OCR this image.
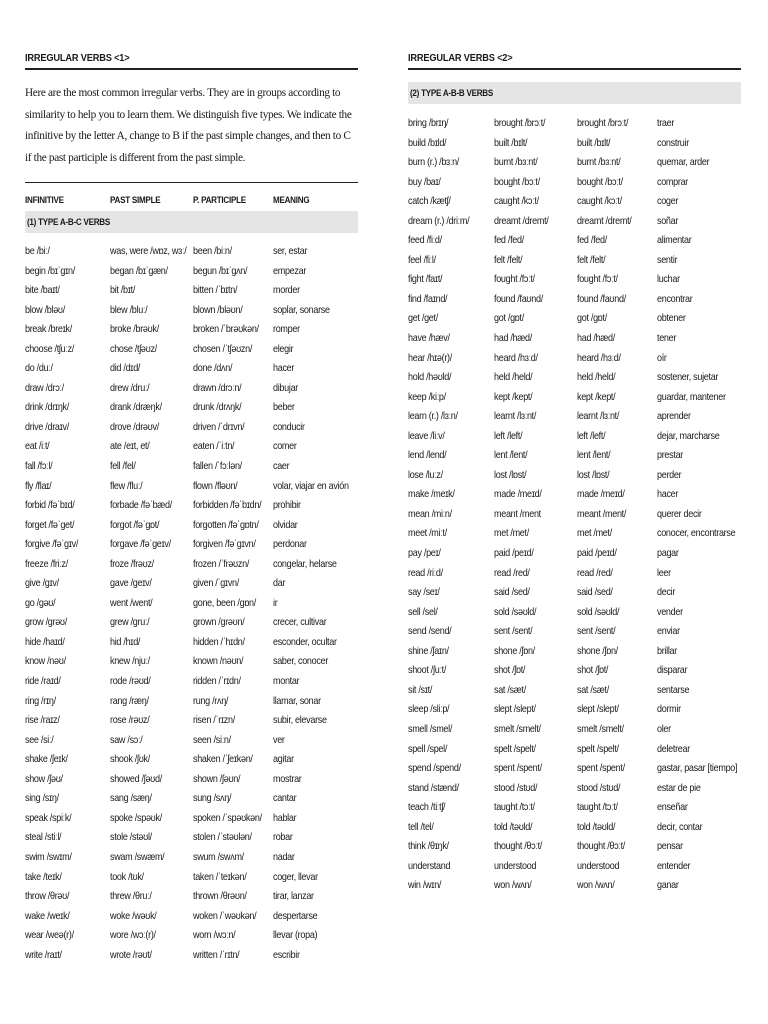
IRREGULAR VERBS <1>

Here are the most common irregular verbs. They are in groups according to similarity to help you to learn them. We distinguish five types. We indicate the infinitive by the letter A, change to B if the past simple changes, and then to C if the past participle is different from the past simple.

INFINITIVE	PAST SIMPLE	P. PARTICIPLE	MEANING
(1) TYPE A-B-C VERBS
be /biː/	was, were /wɒz, wɜː/ been /biːn/	ser, estar
begin /bɪˈgɪn/	began /bɪˈgæn/ begun /bɪˈgʌn/ empezar
bite /baɪt/	bit /bɪt/	bitten /ˈbɪtn/	morder
blow /bləʊ/	blew /bluː/	blown /bləʊn/	soplar, sonarse
break /breɪk/	broke /brəʊk/	broken /ˈbrəʊkən/ romper
choose /tʃuːz/	chose /tʃəʊz/	chosen /ˈtʃəʊzn/ elegir
do /duː/	did /dɪd/	done /dʌn/	hacer
draw /drɔː/	drew /druː/	drawn /drɔːn/	dibujar
drink /drɪŋk/	drank /dræŋk/	drunk /drʌŋk/	beber
drive /draɪv/	drove /drəʊv/	driven /ˈdrɪvn/	conducir
eat /iːt/	ate /eɪt, et/	eaten /ˈiːtn/	comer
fall /fɔːl/	fell /fel/	fallen /ˈfɔːlən/	caer
fly /flaɪ/	flew /fluː/	flown /fləʊn/	volar, viajar en avión
forbid /fəˈbɪd/	forbade /fəˈbæd/ forbidden /fəˈbɪdn/ prohibir
forget /fəˈget/	forgot /fəˈgɒt/	forgotten /fəˈgɒtn/ olvidar
forgive /fəˈgɪv/	forgave /fəˈgeɪv/ forgiven /fəˈgɪvn/ perdonar
freeze /friːz/	froze /frəʊz/	frozen /ˈfrəʊzn/ congelar, helarse
give /gɪv/	gave /geɪv/	given /ˈgɪvn/	dar
go /gəʊ/	went /went/	gone, been /gɒn/ ir
grow /grəʊ/	grew /gruː/	grown /grəʊn/	crecer, cultivar
hide /haɪd/	hid /hɪd/	hidden /ˈhɪdn/	esconder, ocultar
know /nəʊ/	knew /njuː/	known /nəʊn/	saber, conocer
ride /raɪd/	rode /rəʊd/	ridden /ˈrɪdn/	montar
ring /rɪŋ/	rang /ræŋ/	rung /rʌŋ/	llamar, sonar
rise /raɪz/	rose /rəʊz/	risen /ˈrɪzn/	subir, elevarse
see /siː/	saw /sɔː/	seen /siːn/	ver
shake /ʃeɪk/	shook /ʃʊk/	shaken /ˈʃeɪkən/ agitar
show /ʃəʊ/	showed /ʃəʊd/	shown /ʃəʊn/	mostrar
sing /sɪŋ/	sang /sæŋ/	sung /sʌŋ/	cantar
speak /spiːk/	spoke /spəʊk/	spoken /ˈspəʊkən/ hablar
steal /stiːl/	stole /stəʊl/	stolen /ˈstəʊlən/ robar
swim /swɪm/	swam /swæm/	swum /swʌm/	nadar
take /teɪk/	took /tʊk/	taken /ˈteɪkən/	coger, llevar
throw /θrəʊ/	threw /θruː/	thrown /θrəʊn/	tirar, lanzar
wake /weɪk/	woke /wəʊk/	woken /ˈwəʊkən/ despertarse
wear /weə(r)/	wore /wɔː(r)/	worn /wɔːn/	llevar (ropa)
write /raɪt/	wrote /rəʊt/	written /ˈrɪtn/	escribir
IRREGULAR VERBS <2>
(2) TYPE A-B-B VERBS
bring /brɪŋ/	brought /brɔːt/	brought /brɔːt/	traer
build /bɪld/	built /bɪlt/	built /bɪlt/	construir
burn (r.) /bɜːn/	burnt /bɜːnt/	burnt /bɜːnt/	quemar, arder
buy /baɪ/	bought /bɔːt/	bought /bɔːt/	comprar
catch /kætʃ/	caught /kɔːt/	caught /kɔːt/	coger
dream (r.) /driːm/ dreamt /dremt/	dreamt /dremt/ soñar
feed /fiːd/	fed /fed/	fed /fed/	alimentar
feel /fiːl/	felt /felt/	felt /felt/	sentir
fight /faɪt/	fought /fɔːt/	fought /fɔːt/	luchar
find /faɪnd/	found /faʊnd/	found /faʊnd/	encontrar
get /get/	got /gɒt/	got /gɒt/	obtener
have /hæv/	had /hæd/	had /hæd/	tener
hear /hɪə(r)/	heard /hɜːd/	heard /hɜːd/	oír
hold /həʊld/	held /held/	held /held/	sostener, sujetar
keep /kiːp/	kept /kept/	kept /kept/	guardar, mantener
learn (r.) /lɜːn/	learnt /lɜːnt/	learnt /lɜːnt/	aprender
leave /liːv/	left /left/	left /left/	dejar, marcharse
lend /lend/	lent /lent/	lent /lent/	prestar
lose /luːz/	lost /lɒst/	lost /lɒst/	perder
make /meɪk/	made /meɪd/	made /meɪd/	hacer
mean /miːn/	meant /ment	meant /ment/	querer decir
meet /miːt/	met /met/	met /met/	conocer, encontrarse
pay /peɪ/	paid /peɪd/	paid /peɪd/	pagar
read /riːd/	read /red/	read /red/	leer
say /seɪ/	said /sed/	said /sed/	decir
sell /sel/	sold /səʊld/	sold /səʊld/	vender
send /send/	sent /sent/	sent /sent/	enviar
shine /ʃaɪn/	shone /ʃɒn/	shone /ʃɒn/	brillar
shoot /ʃuːt/	shot /ʃɒt/	shot /ʃɒt/	disparar
sit /sɪt/	sat /sæt/	sat /sæt/	sentarse
sleep /sliːp/	slept /slept/	slept /slept/	dormir
smell /smel/	smelt /smelt/	smelt /smelt/	oler
spell /spel/	spelt /spelt/	spelt /spelt/	deletrear
spend /spend/	spent /spent/	spent /spent/	gastar, pasar [tiempo]
stand /stænd/	stood /stʊd/	stood /stʊd/	estar de pie
teach /tiːtʃ/	taught /tɔːt/	taught /tɔːt/	enseñar
tell /tel/	told /təʊld/	told /təʊld/	decir, contar
think /θɪŋk/	thought /θɔːt/	thought /θɔːt/	pensar
understand	understood	understood	entender
win /wɪn/	won /wʌn/	won /wʌn/	ganar
